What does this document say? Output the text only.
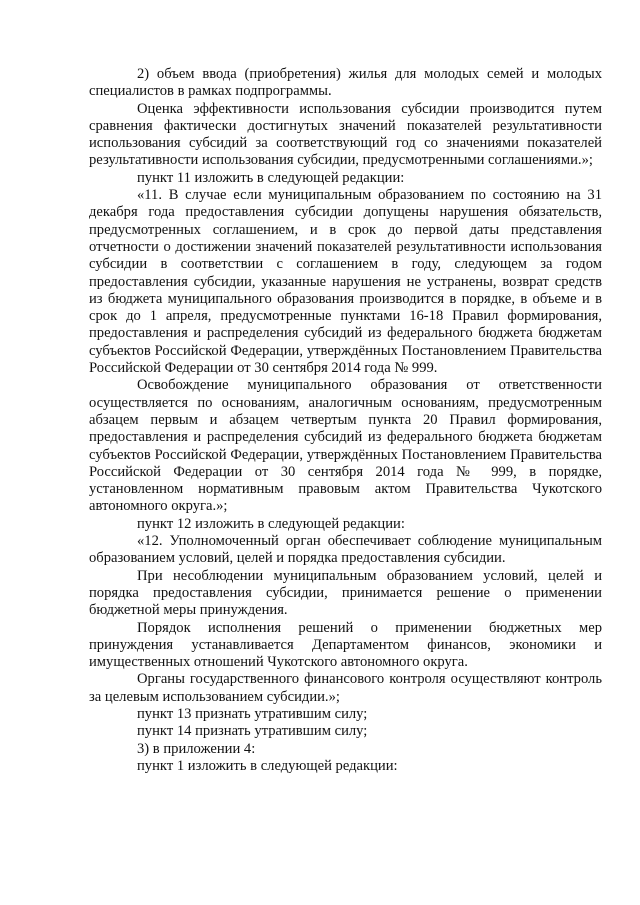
2) объем ввода (приобретения) жилья для молодых семей и молодых специалистов в рамках подпрограммы.

Оценка эффективности использования субсидии производится путем сравнения фактически достигнутых значений показателей результативности использования субсидий за соответствующий год со значениями показателей результативности использования субсидии, предусмотренными соглашениями.»;

пункт 11 изложить в следующей редакции:

«11. В случае если муниципальным образованием по состоянию на 31 декабря года предоставления субсидии допущены нарушения обязательств, предусмотренных соглашением, и в срок до первой даты представления отчетности о достижении значений показателей результативности использования субсидии в соответствии с соглашением в году, следующем за годом предоставления субсидии, указанные нарушения не устранены, возврат средств из бюджета муниципального образования производится в порядке, в объеме и в срок до 1 апреля, предусмотренные пунктами 16-18 Правил формирования, предоставления и распределения субсидий из федерального бюджета бюджетам субъектов Российской Федерации, утверждённых Постановлением Правительства Российской Федерации от 30 сентября 2014 года № 999.

Освобождение муниципального образования от ответственности осуществляется по основаниям, аналогичным основаниям, предусмотренным абзацем первым и абзацем четвертым пункта 20 Правил формирования, предоставления и распределения субсидий из федерального бюджета бюджетам субъектов Российской Федерации, утверждённых Постановлением Правительства Российской Федерации от 30 сентября 2014 года № 999, в порядке, установленном нормативным правовым актом Правительства Чукотского автономного округа.»;

пункт 12 изложить в следующей редакции:

«12. Уполномоченный орган обеспечивает соблюдение муниципальным образованием условий, целей и порядка предоставления субсидии.

При несоблюдении муниципальным образованием условий, целей и порядка предоставления субсидии, принимается решение о применении бюджетной меры принуждения.

Порядок исполнения решений о применении бюджетных мер принуждения устанавливается Департаментом финансов, экономики и имущественных отношений Чукотского автономного округа.

Органы государственного финансового контроля осуществляют контроль за целевым использованием субсидии.»;

пункт 13 признать утратившим силу;

пункт 14 признать утратившим силу;

3) в приложении 4:

пункт 1 изложить в следующей редакции:
